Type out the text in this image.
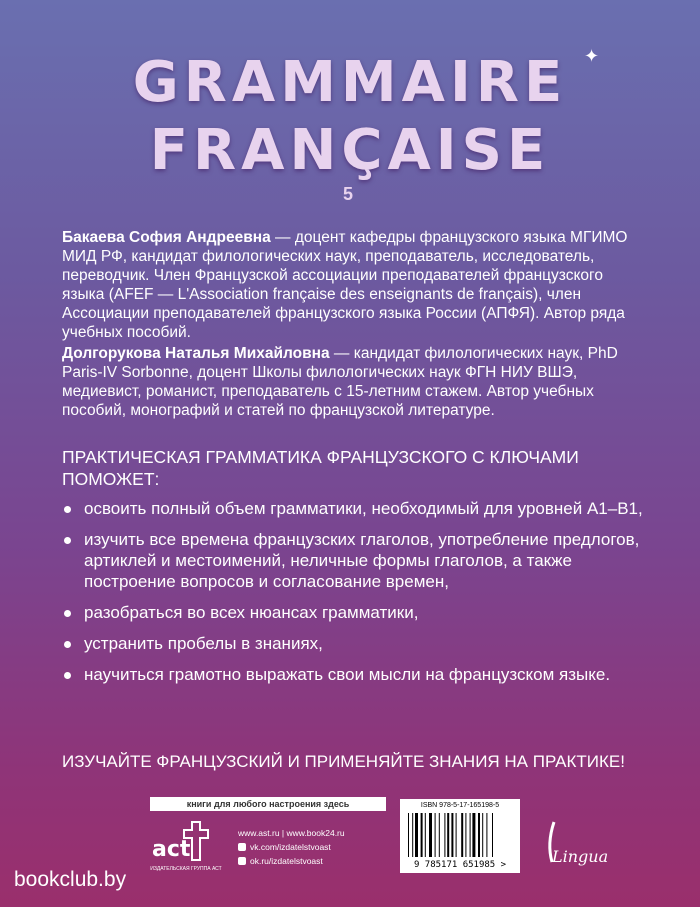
GRAMMAIRE
FRANÇAISE
✦
5

Бакаева София Андреевна — доцент кафедры французского языка МГИМО МИД РФ, кандидат филологических наук, преподаватель, исследователь, переводчик. Член Французской ассоциации преподавателей французского языка (AFEF — L'Association française des enseignants de français), член Ассоциации преподавателей французского языка России (АПФЯ). Автор ряда учебных пособий.

Долгорукова Наталья Михайловна — кандидат филологических наук, PhD Paris-IV Sorbonne, доцент Школы филологических наук ФГН НИУ ВШЭ, медиевист, романист, преподаватель с 15-летним стажем. Автор учебных пособий, монографий и статей по французской литературе.

ПРАКТИЧЕСКАЯ ГРАММАТИКА ФРАНЦУЗСКОГО С КЛЮЧАМИ ПОМОЖЕТ:
освоить полный объем грамматики, необходимый для уровней A1–B1,
изучить все времена французских глаголов, употребление предлогов, артиклей и местоимений, неличные формы глаголов, а также построение вопросов и согласование времен,
разобраться во всех нюансах грамматики,
устранить пробелы в знаниях,
научиться грамотно выражать свои мысли на французском языке.
ИЗУЧАЙТЕ ФРАНЦУЗСКИЙ И ПРИМЕНЯЙТЕ ЗНАНИЯ НА ПРАКТИКЕ!
книги для любого настроения здесь
act
ИЗДАТЕЛЬСКАЯ ГРУППА АСТ
www.ast.ru | www.book24.ru
vk.com/izdatelstvoast
ok.ru/izdatelstvoast
ISBN 978-5-17-165198-5
9 785171 651985 >	Lingua
bookclub.by
